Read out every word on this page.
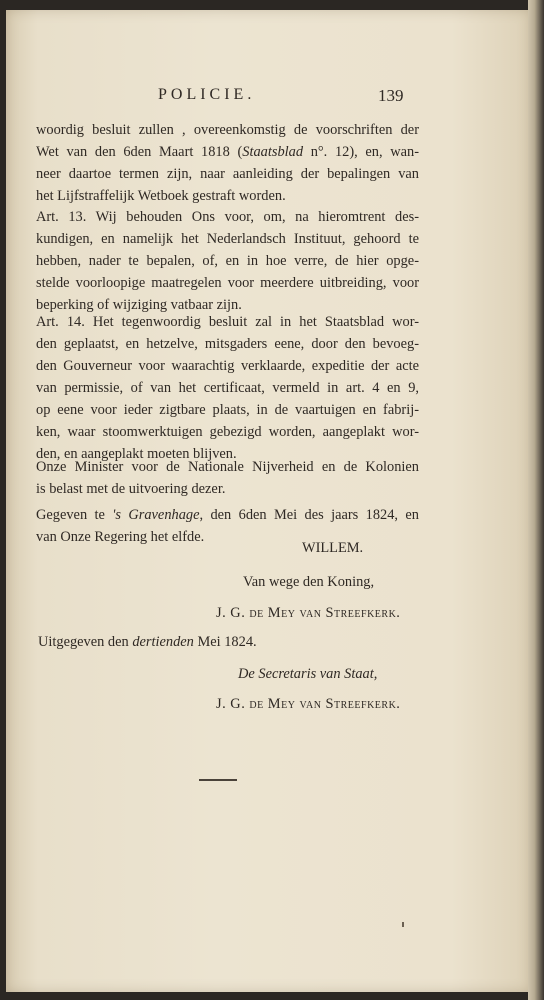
POLICIE.	139
woordig besluit zullen , overeenkomstig de voorschriften der
Wet van den 6den Maart 1818 (Staatsblad n°. 12), en, wan-
neer daartoe termen zijn, naar aanleiding der bepalingen van
het Lijfstraffelijk Wetboek gestraft worden.
Art. 13. Wij behouden Ons voor, om, na hieromtrent des-
kundigen, en namelijk het Nederlandsch Instituut, gehoord te
hebben, nader te bepalen, of, en in hoe verre, de hier opge-
stelde voorloopige maatregelen voor meerdere uitbreiding, voor
beperking of wijziging vatbaar zijn.
Art. 14. Het tegenwoordig besluit zal in het Staatsblad wor-
den geplaatst, en hetzelve, mitsgaders eene, door den bevoeg-
den Gouverneur voor waarachtig verklaarde, expeditie der acte
van permissie, of van het certificaat, vermeld in art. 4 en 9,
op eene voor ieder zigtbare plaats, in de vaartuigen en fabrij-
ken, waar stoomwerktuigen gebezigd worden, aangeplakt wor-
den, en aangeplakt moeten blijven.
Onze Minister voor de Nationale Nijverheid en de Kolonien
is belast met de uitvoering dezer.
Gegeven te 's Gravenhage, den 6den Mei des jaars 1824, en
van Onze Regering het elfde.
WILLEM.
Van wege den Koning,
J. G. de Mey van Streefkerk.
Uitgegeven den dertienden Mei 1824.
De Secretaris van Staat,
J. G. de Mey van Streefkerk.
